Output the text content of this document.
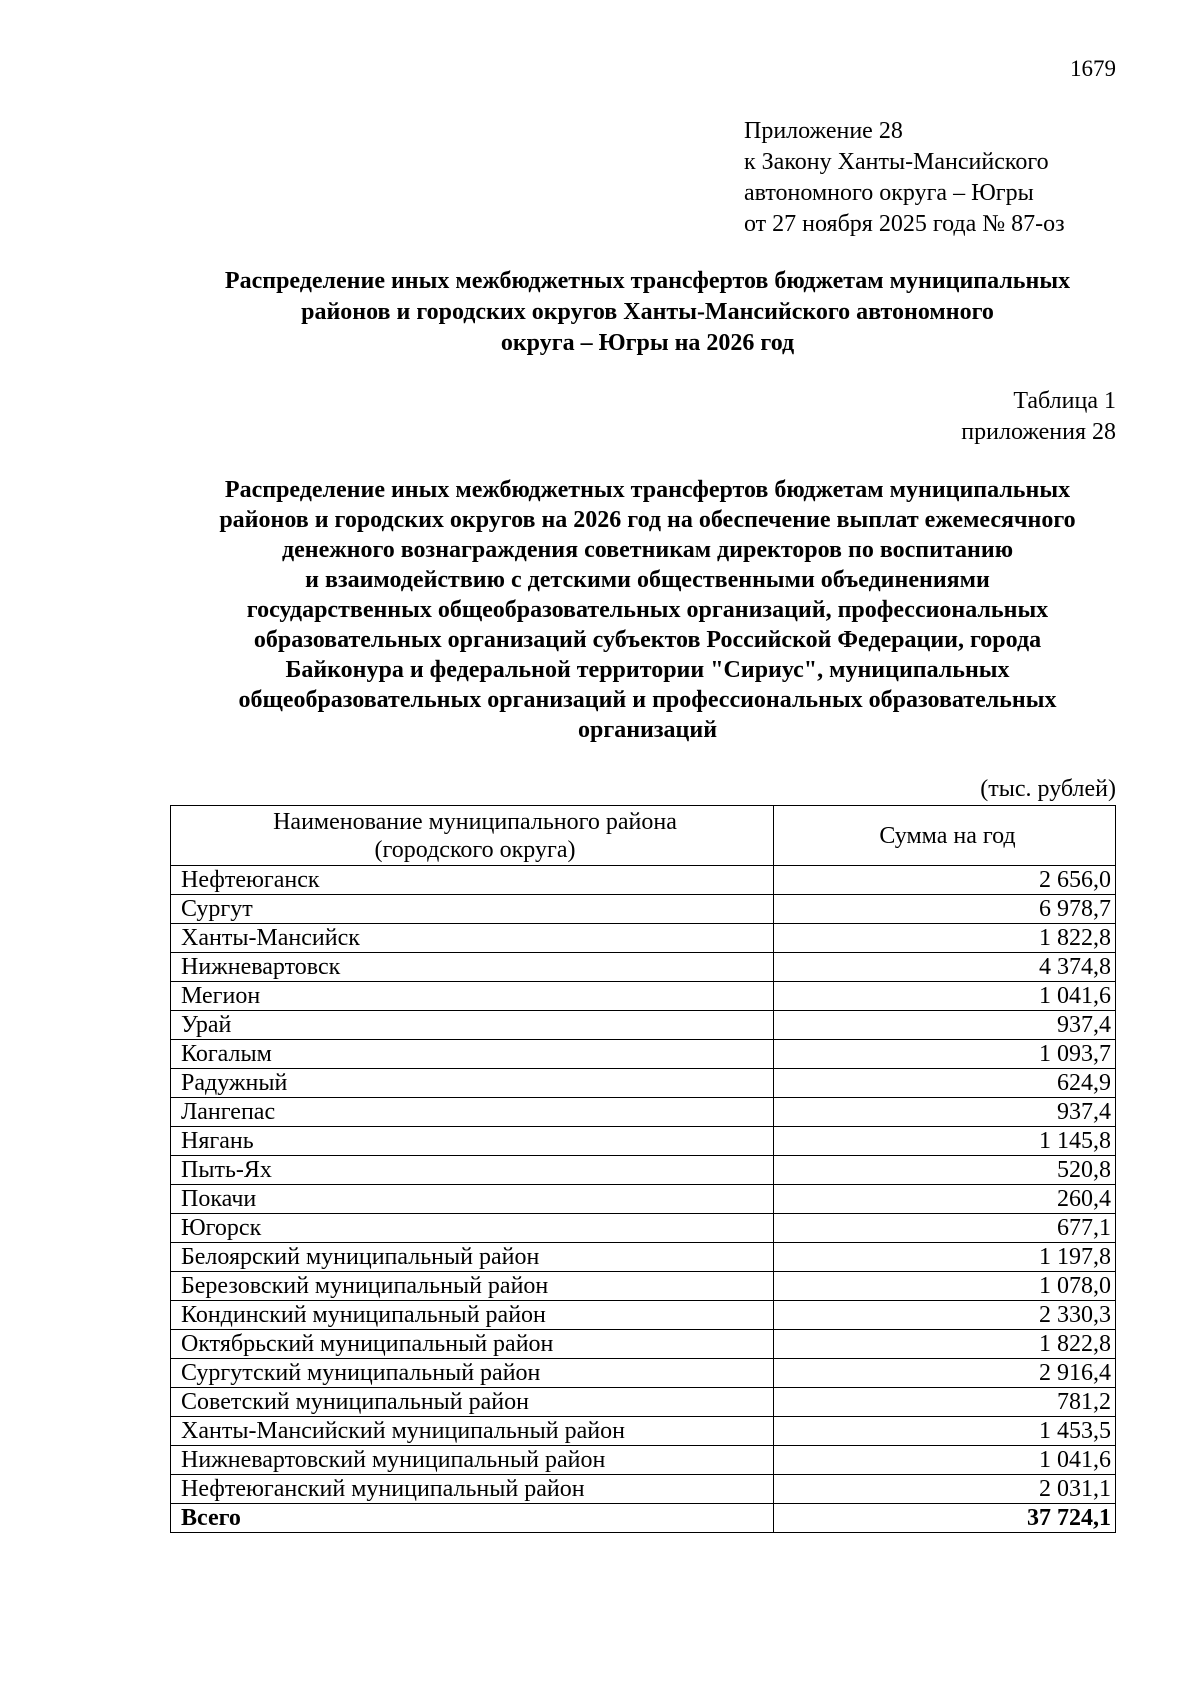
1679
Приложение 28
к Закону Ханты-Мансийского
автономного округа – Югры
от 27 ноября 2025 года № 87-оз
Распределение иных межбюджетных трансфертов бюджетам муниципальных
районов и городских округов Ханты-Мансийского автономного
округа – Югры на 2026 год
Таблица 1
приложения 28
Распределение иных межбюджетных трансфертов бюджетам муниципальных
районов и городских округов на 2026 год на обеспечение выплат ежемесячного
денежного вознаграждения советникам директоров по воспитанию
и взаимодействию с детскими общественными объединениями
государственных общеобразовательных организаций, профессиональных
образовательных организаций субъектов Российской Федерации, города
Байконура и федеральной территории "Сириус", муниципальных
общеобразовательных организаций и профессиональных образовательных
организаций
(тыс. рублей)
Наименование муниципального района
(городского округа)	Сумма на год
Нефтеюганск	2 656,0
Сургут	6 978,7
Ханты-Мансийск	1 822,8
Нижневартовск	4 374,8
Мегион	1 041,6
Урай	937,4
Когалым	1 093,7
Радужный	624,9
Лангепас	937,4
Нягань	1 145,8
Пыть-Ях	520,8
Покачи	260,4
Югорск	677,1
Белоярский муниципальный район	1 197,8
Березовский муниципальный район	1 078,0
Кондинский муниципальный район	2 330,3
Октябрьский муниципальный район	1 822,8
Сургутский муниципальный район	2 916,4
Советский муниципальный район	781,2
Ханты-Мансийский муниципальный район	1 453,5
Нижневартовский муниципальный район	1 041,6
Нефтеюганский муниципальный район	2 031,1
Всего	37 724,1
